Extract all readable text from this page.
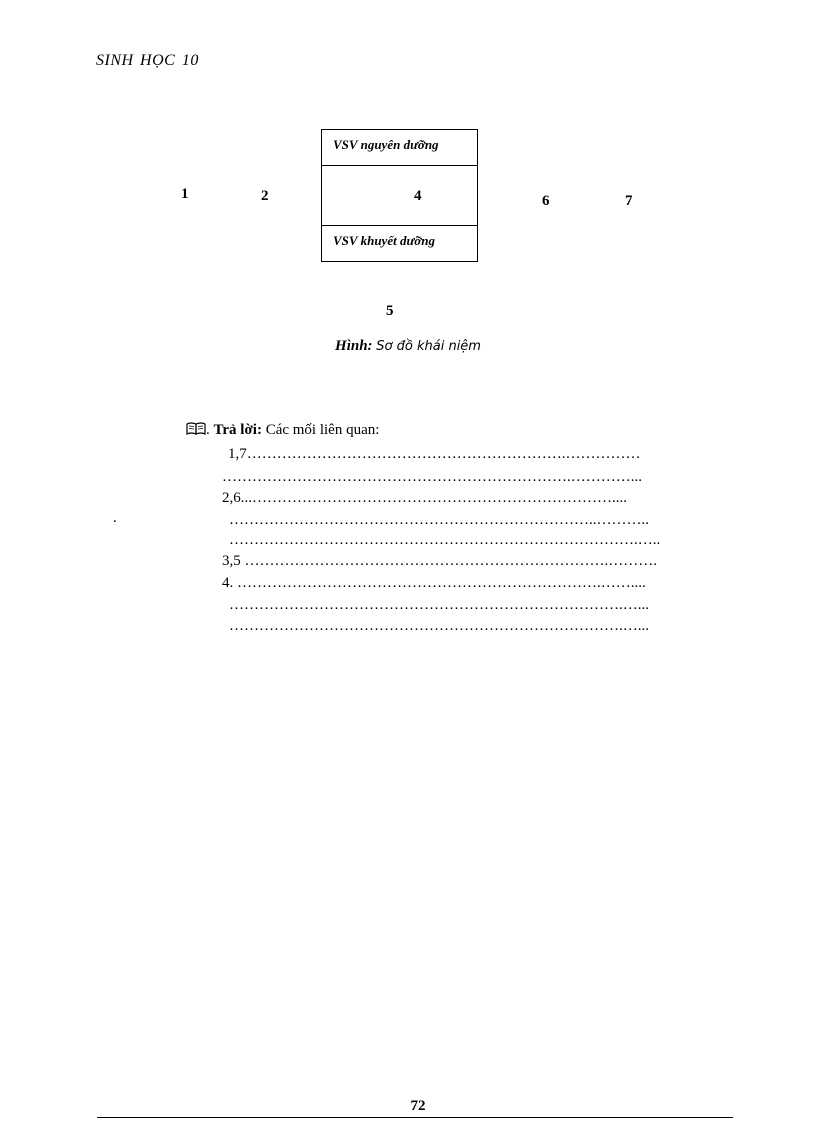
SINH HỌC 10
VSV nguyên dưỡng
VSV khuyết dưỡng
1	2	4	6	7
5
Hình: Sơ đồ khái niệm
. Trả lời: Các mối liên quan:
1,7……………………………………………………….……………
…………………………………………………………….…………...
2,6...………………………………………………………………....
.	………………………………………………………………..………..
……………………………………………………………………….…..
3,5 ……………………………………………………………….……….
4. ……………………………………………………………….……....
…………………………………………………………………….…...
…………………………………………………………………….…...
72
